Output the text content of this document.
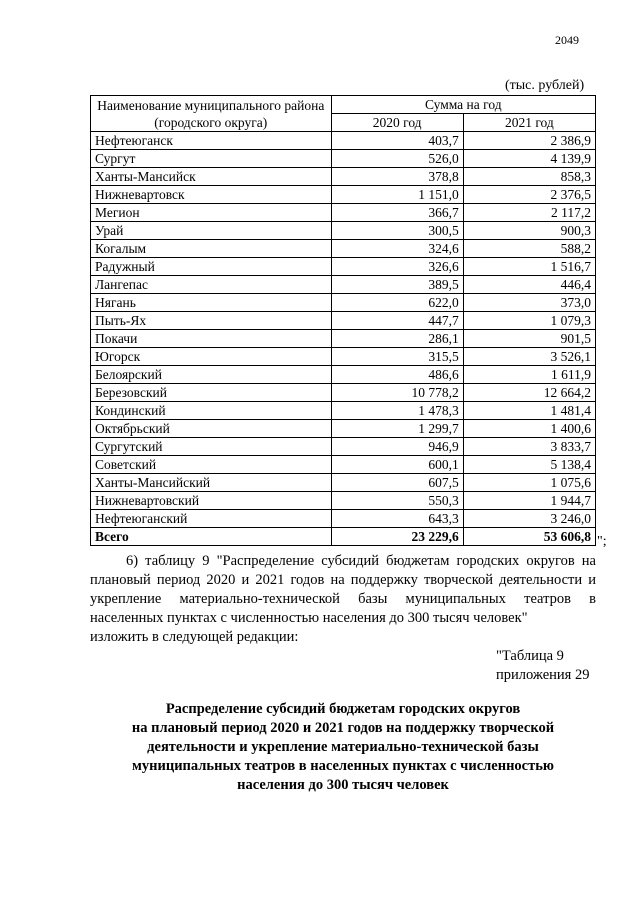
2049
(тыс. рублей)
Наименование муниципального района (городского округа)	Сумма на год	
	2020 год	2021 год
Нефтеюганск	403,7	2 386,9
Сургут	526,0	4 139,9
Ханты-Мансийск	378,8	858,3
Нижневартовск	1 151,0	2 376,5
Мегион	366,7	2 117,2
Урай	300,5	900,3
Когалым	324,6	588,2
Радужный	326,6	1 516,7
Лангепас	389,5	446,4
Нягань	622,0	373,0
Пыть-Ях	447,7	1 079,3
Покачи	286,1	901,5
Югорск	315,5	3 526,1
Белоярский	486,6	1 611,9
Березовский	10 778,2	12 664,2
Кондинский	1 478,3	1 481,4
Октябрьский	1 299,7	1 400,6
Сургутский	946,9	3 833,7
Советский	600,1	5 138,4
Ханты-Мансийский	607,5	1 075,6
Нижневартовский	550,3	1 944,7
Нефтеюганский	643,3	3 246,0
Всего	23 229,6	53 606,8 ";

6) таблицу 9 "Распределение субсидий бюджетам городских округов на плановый период 2020 и 2021 годов на поддержку творческой деятельности и укрепление материально-технической базы муниципальных театров в населенных пунктах с численностью населения до 300 тысяч человек"

изложить в следующей редакции:

"Таблица 9
приложения 29
Распределение субсидий бюджетам городских округов
на плановый период 2020 и 2021 годов на поддержку творческой
деятельности и укрепление материально-технической базы
муниципальных театров в населенных пунктах с численностью
населения до 300 тысяч человек
